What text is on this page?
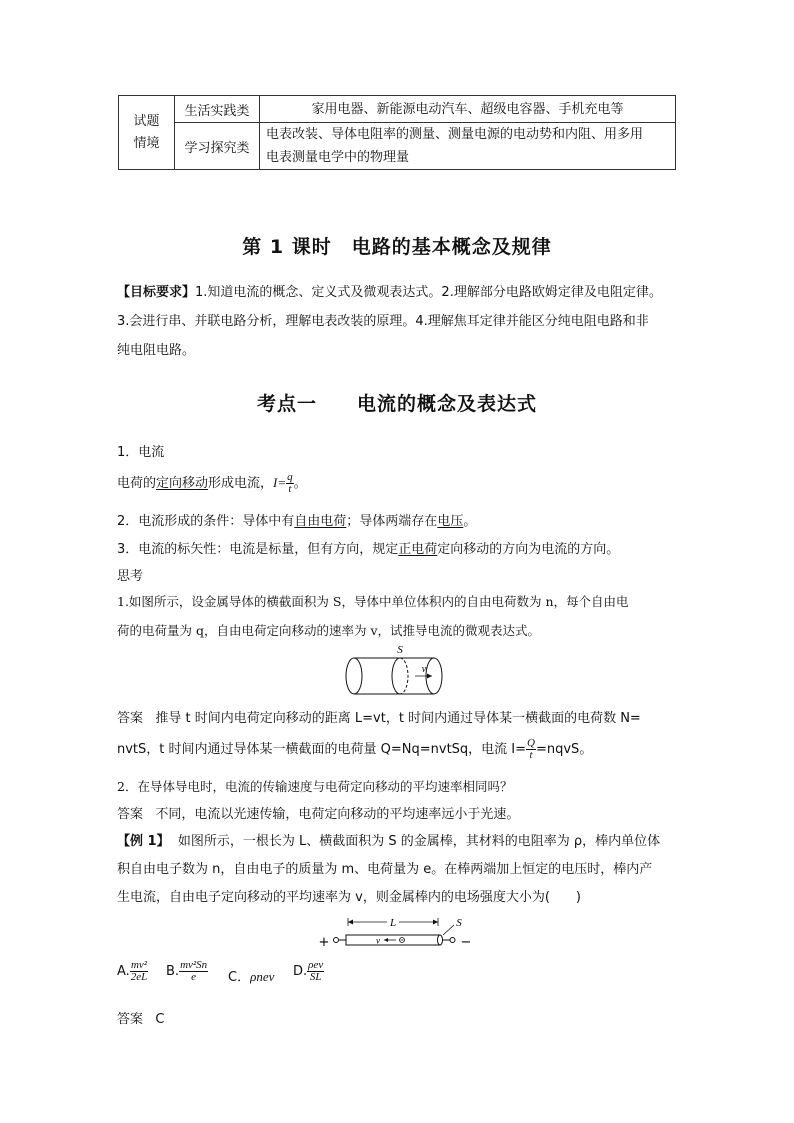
试题
情境	生活实践类	家用电器、新能源电动汽车、超级电容器、手机充电等
	学习探究类	电表改装、导体电阻率的测量、测量电源的电动势和内阻、用多用
电表测量电学中的物理量
第 1 课时　电路的基本概念及规律
【目标要求】1.知道电流的概念、定义式及微观表达式。2.理解部分电路欧姆定律及电阻定律。
3.会进行串、并联电路分析，理解电表改装的原理。4.理解焦耳定律并能区分纯电阻电路和非
纯电阻电路。
考点一　　电流的概念及表达式
1．电流
电荷的定向移动形成电流，$I= \frac{q}{t}$ 。
2．电流形成的条件：导体中有自由电荷；导体两端存在电压。
3．电流的标矢性：电流是标量，但有方向，规定正电荷定向移动的方向为电流的方向。
思考
1.如图所示，设金属导体的横截面积为 S，导体中单位体积内的自由电荷数为 n，每个自由电
荷的电荷量为 q，自由电荷定向移动的速率为 v，试推导电流的微观表达式。
S
v
答案 推导 t 时间内电荷定向移动的距离 L=vt，t 时间内通过导体某一横截面的电荷数 N=
nvtS，t 时间内通过导体某一横截面的电荷量 Q=Nq=nvtSq，电流 $I= \frac{Q}{t}$ =nqvS。
2．在导体导电时，电流的传输速度与电荷定向移动的平均速率相同吗？
答案 不同，电流以光速传输，电荷定向移动的平均速率远小于光速。
【例 1】 如图所示，一根长为 L、横截面积为 S 的金属棒，其材料的电阻率为 ρ，棒内单位体
积自由电子数为 n，自由电子的质量为 m、电荷量为 e。在棒两端加上恒定的电压时，棒内产
生电流，自由电子定向移动的平均速率为 v，则金属棒内的电场强度大小为(　　)
+	−
L	S
v
A. $\frac{\text{mv²}}{2eL} B$. $\frac{\text{mv²Sn}}{e}$ C．ρnev D. $\frac{\text{ρev}}{SL}$
答案 C
